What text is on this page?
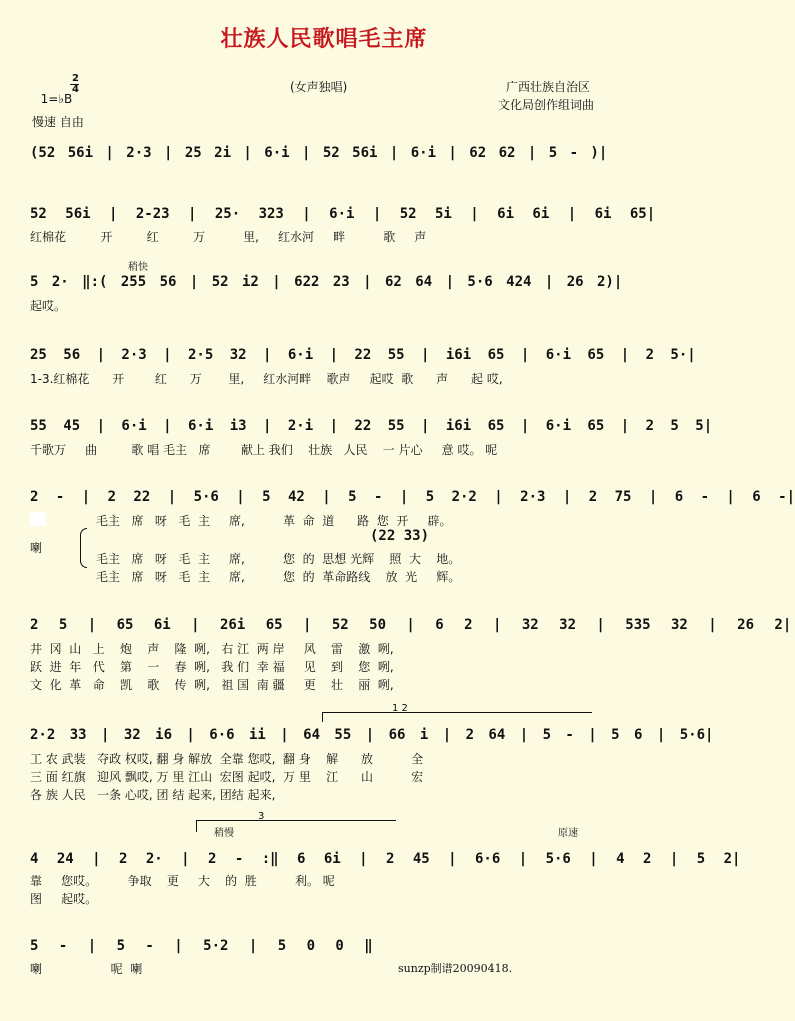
壮族人民歌唱毛主席

1=♭B

2
4	(女声独唱)	广西壮族自治区
文化局创作组词曲
慢速 自由
(52 56i | 2·3 | 25 2i | 6·i | 52 56i | 6·i | 62 62 | 5 - )|
52 56i | 2-23 | 25· 323 | 6·i | 52 5i | 6i 6i | 6i 65|
红棉花         开         红         万          里,     红水河     畔          歌     声
稍快
5 2· ‖:( 255 56 | 52 i2 | 622 23 | 62 64 | 5·6 424 | 26 2)|
起哎。
25 56 | 2·3 | 2·5 32 | 6·i | 22 55 | i6i 65 | 6·i 65 | 2 5·|
1-3.红棉花      开        红      万       里,     红水河畔    歌声     起哎  歌      声      起 哎,
55 45 | 6·i | 6·i i3 | 2·i | 22 55 | i6i 65 | 6·i 65 | 2 5 5|
千歌万     曲         歌 唱 毛主   席        献上 我们    壮族   人民    一 片心     意 哎。 呢
2 - | 2 22 | 5·6 | 5 42 | 5 - | 5 2·2 | 2·3 | 2 75 | 6 - | 6 -|
毛主   席   呀   毛  主     席,          革  命  道      路  您  开     辟。
(22 33)
喇
毛主   席   呀   毛  主     席,          您  的  思想 光辉    照  大    地。
毛主   席   呀   毛  主     席,          您  的  革命路线    放  光     辉。
2 5 | 65 6i | 26i 65 | 52 50 | 6 2 | 32 32 | 535 32 | 26 2|
井  冈  山   上    炮    声    隆  咧,   右 江  两 岸     风    雷    激  咧,
跃  进  年   代    第    一    春  咧,   我 们  幸 福     见    到    您  咧,
文  化  革   命    凯    歌    传  咧,   祖 国  南 疆     更    壮    丽  咧,
1 2
2·2 33 | 32 i6 | 6·6 ii | 64 55 | 66 i | 2 64 | 5 - | 5 6 | 5·6|
工 农 武装   夺政 权哎, 翻 身 解放  全靠 您哎,  翻 身    解      放          全
三 面 红旗   迎风 飘哎, 万 里 江山  宏图 起哎,  万 里    江      山          宏
各 族 人民   一条 心哎, 团 结 起来, 团结 起来,
3
稍慢	原速
4 24 | 2 2· | 2 - :‖ 6 6i | 2 45 | 6·6 | 5·6 | 4 2 | 5 2|
靠     您哎。        争取    更     大    的  胜          利。 呢
图     起哎。
5 - | 5 - | 5·2 | 5 0 0 ‖
喇                  呢  喇	sunzp制谱20090418.
